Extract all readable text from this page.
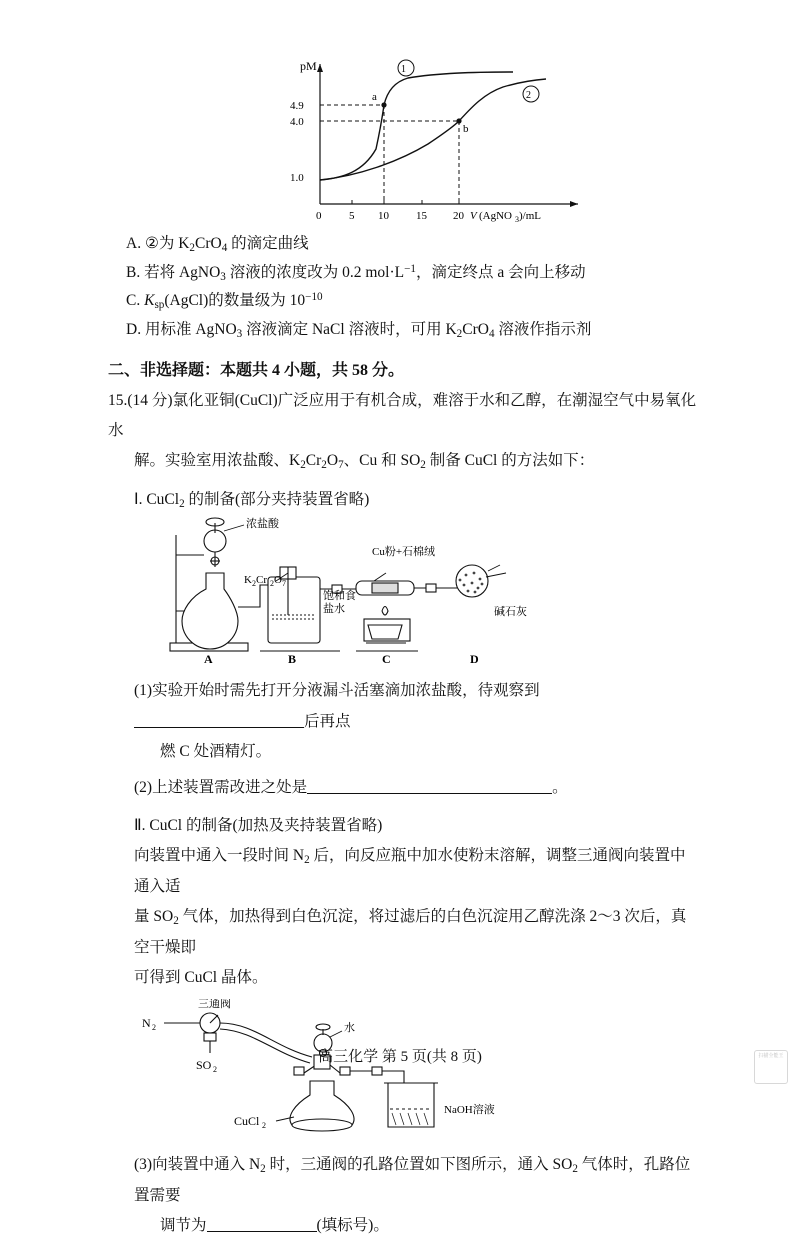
pM
4.9
4.0
1.0
0	5 10 15 20 V (AgNO 3 )/mL
a
b
1
2
A. ②为 $K_2CrO_4$ 的滴定曲线
B. 若将 AgNO$_3$ 溶液的浓度改为 0.2 $mol\cdot L^{-1}$，滴定终点 a 会向上移动
C. $K_{sp}(AgCl)$的数量级为 $10^{-10}$
D. 用标准 AgNO$_3$ 溶液滴定 NaCl 溶液时，可用 $K_2CrO_4$ 溶液作指示剂
二、非选择题：本题共 4 小题，共 58 分。
15.(14 分)氯化亚铜(CuCl)广泛应用于有机合成，难溶于水和乙醇，在潮湿空气中易氧化水
解。实验室用浓盐酸、$K_2Cr_2O_7$、Cu 和 $SO_2$ 制备 CuCl 的方法如下：
Ⅰ. CuCl$_2$ 的制备(部分夹持装置省略)
浓盐酸
K 2 Cr 2 O 7
饱和食
盐水
Cu粉+石棉绒
碱石灰
A	B	C	D
(1)实验开始时需先打开分液漏斗活塞滴加浓盐酸，待观察到后再点
燃 C 处酒精灯。
(2)上述装置需改进之处是	。
Ⅱ. CuCl 的制备(加热及夹持装置省略)
向装置中通入一段时间 $N_2$ 后，向反应瓶中加水使粉末溶解，调整三通阀向装置中通入适
量 $SO_2$ 气体，加热得到白色沉淀，将过滤后的白色沉淀用乙醇洗涤 2～3 次后，真空干燥即
可得到 CuCl 晶体。
N 2
三通阀
SO 2
水
CuCl 2
NaOH溶液
(3)向装置中通入 $N_2$ 时，三通阀的孔路位置如下图所示，通入 $SO_2$ 气体时，孔路位置需要
调节为	(填标号)。
高三化学 第 5 页(共 8 页)	扫描全能王
